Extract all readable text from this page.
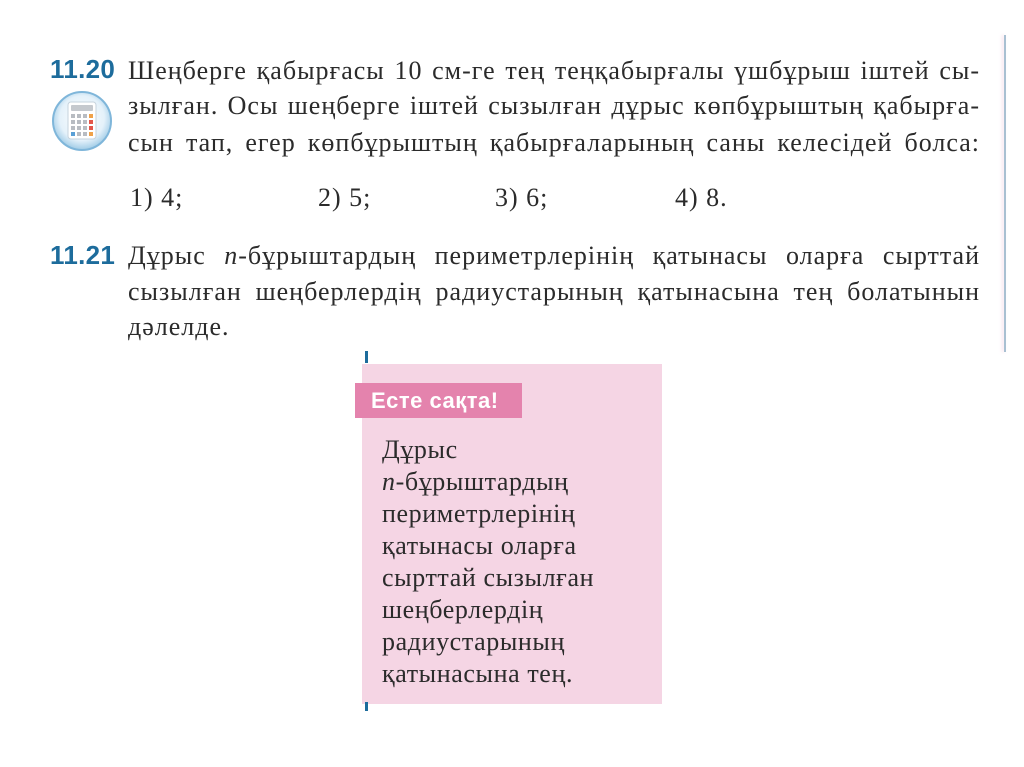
11.20 Шеңберге қабырғасы 10 см-ге тең теңқабырғалы үшбұрыш іштей сы-
зылған. Осы шеңберге іштей сызылған дұрыс көпбұрыштың қабырға-
сын тап, егер көпбұрыштың қабырғаларының саны келесідей болса:
1) 4;	2) 5;	3) 6;	4) 8.
11.21 Дұрыс n-бұрыштардың периметрлерінің қатынасы оларға сырттай
сызылған шеңберлердің радиустарының қатынасына тең болатынын
дәлелде.
Есте сақта!
Дұрыс
n-бұрыштардың
периметрлерінің
қатынасы оларға
сырттай сызылған
шеңберлердің
радиустарының
қатынасына тең.
